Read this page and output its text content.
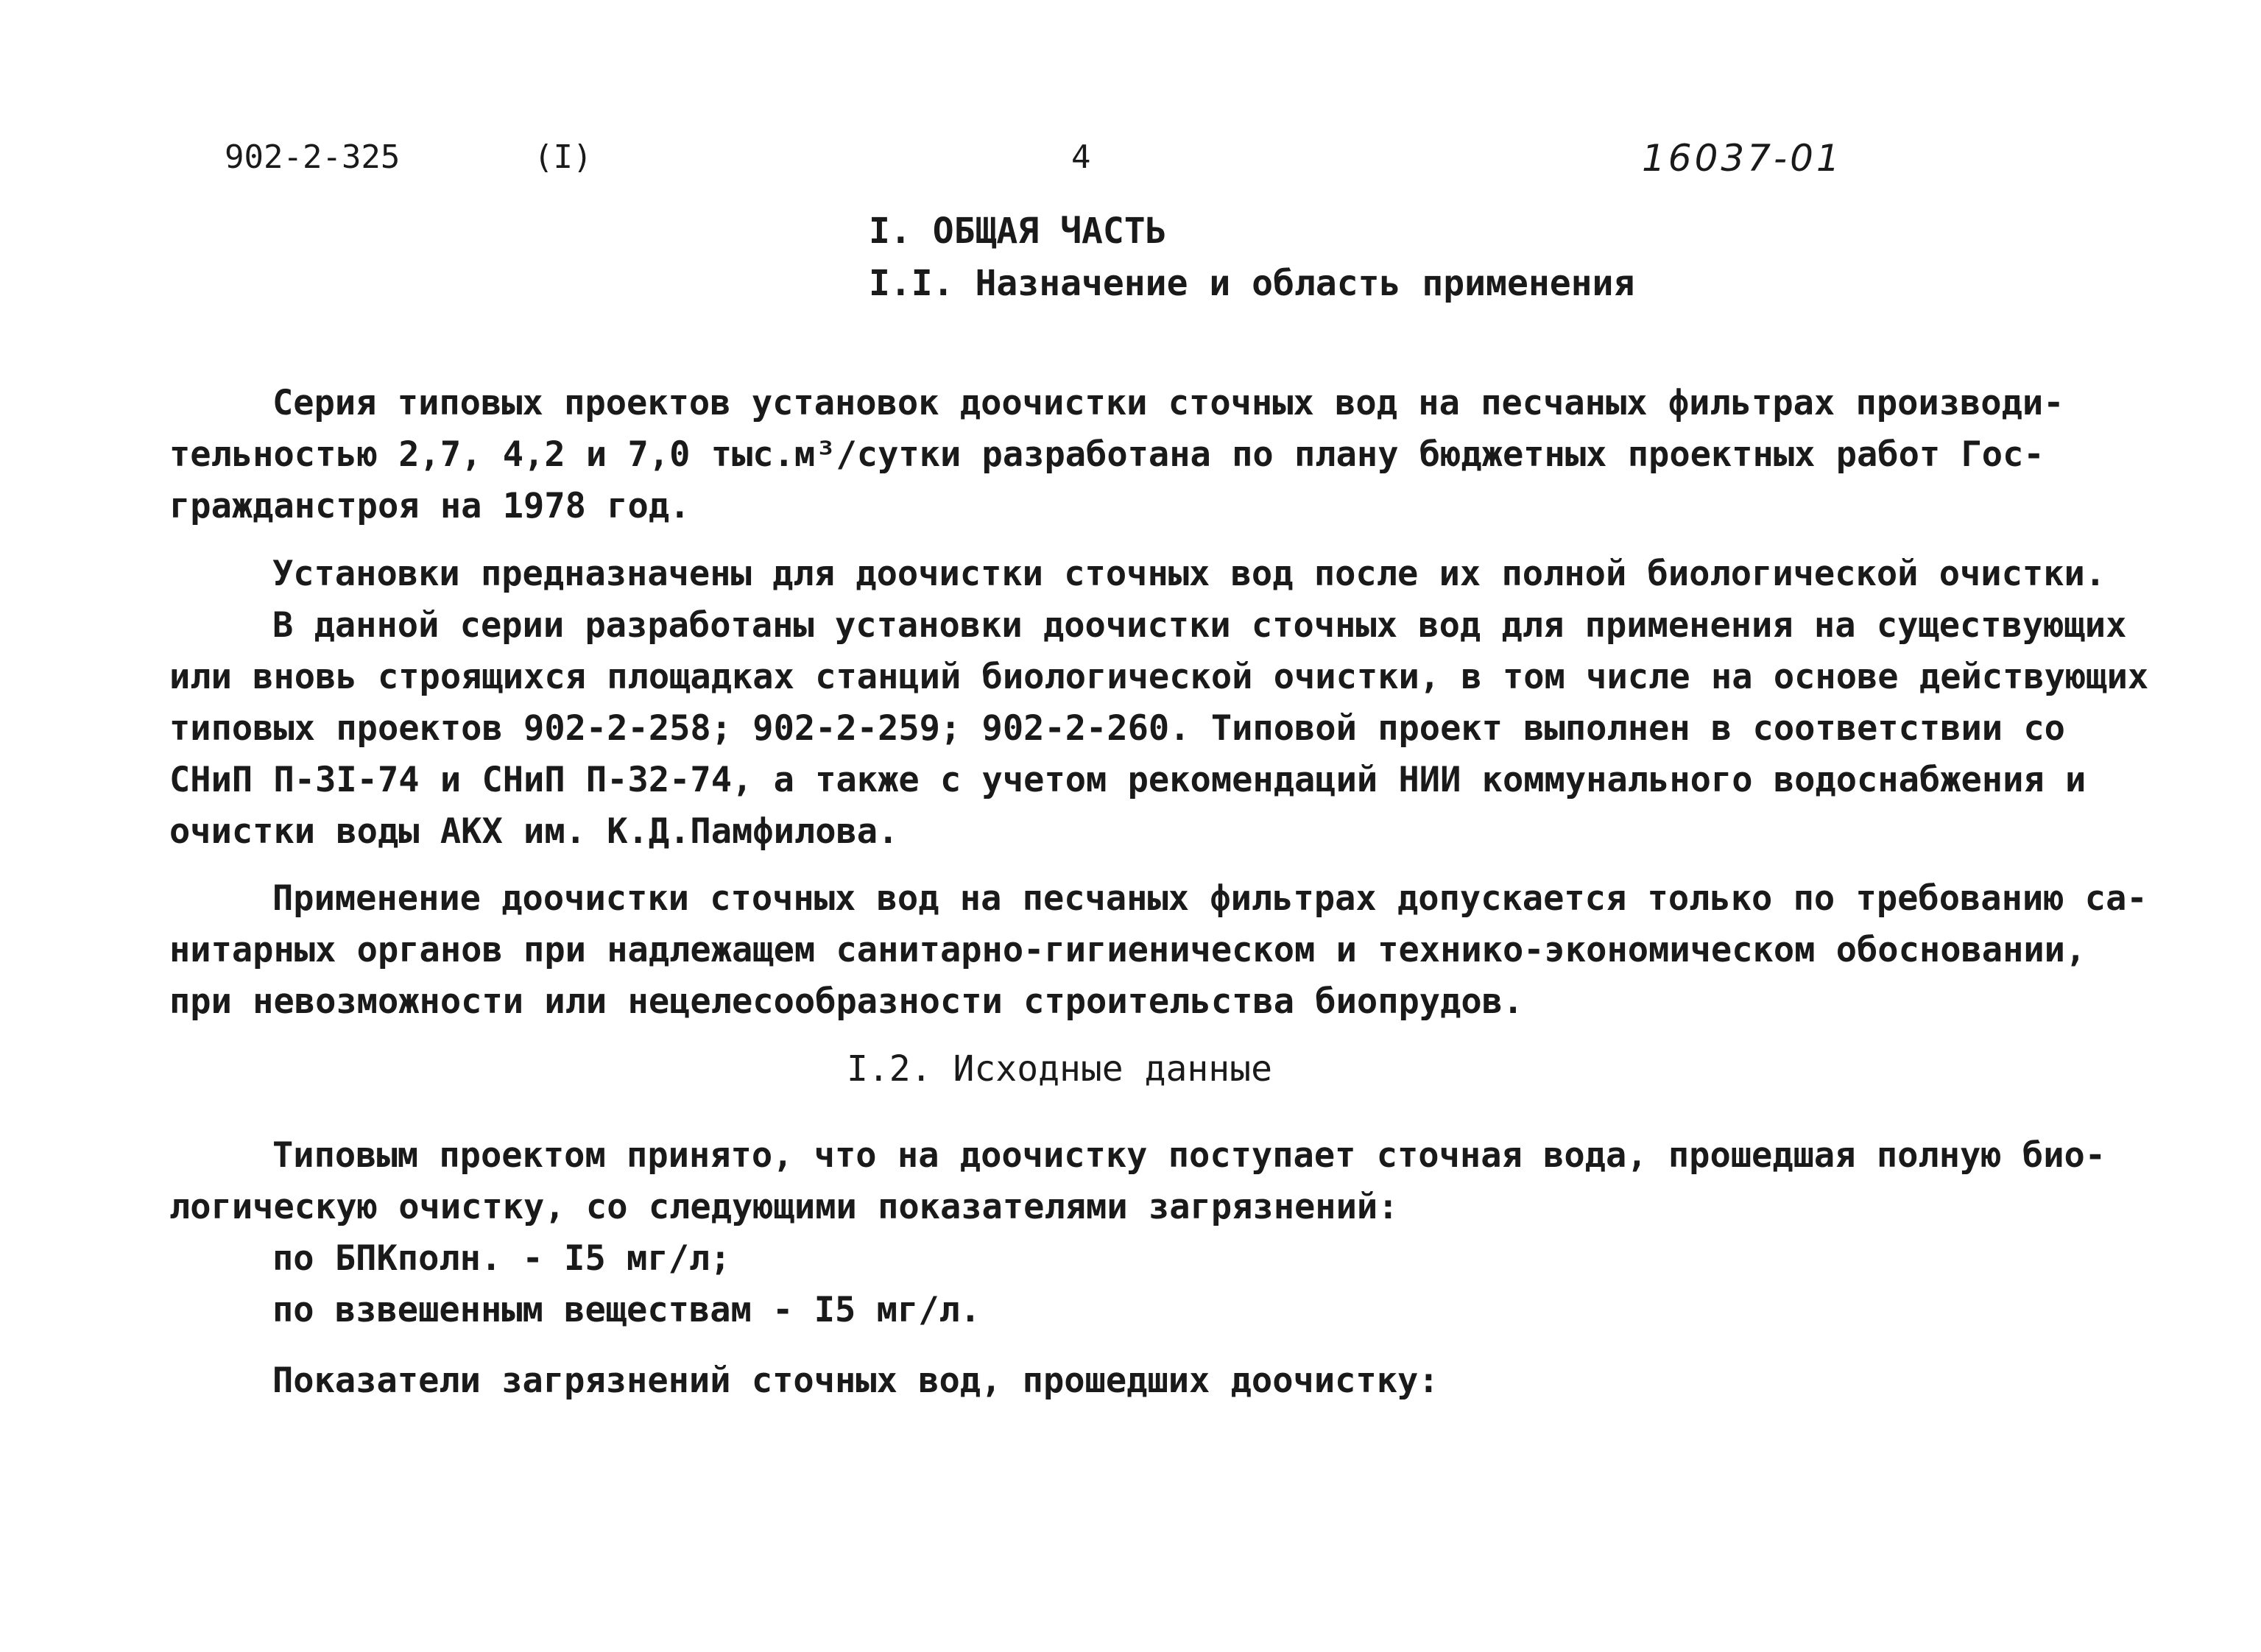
902-2-325	(I)	4	16037-01
I. ОБЩАЯ ЧАСТЬ
I.I. Назначение и область применения
Серия типовых проектов установок доочистки сточных вод на песчаных фильтрах производи-
тельностью 2,7, 4,2 и 7,0 тыс.м³/сутки разработана по плану бюджетных проектных работ Гос-
гражданстроя на 1978 год.
Установки предназначены для доочистки сточных вод после их полной биологической очистки.
В данной серии разработаны установки доочистки сточных вод для применения на существующих
или вновь строящихся площадках станций биологической очистки, в том числе на основе действующих
типовых проектов 902-2-258; 902-2-259; 902-2-260. Типовой проект выполнен в соответствии со
СНиП П-3I-74 и СНиП П-32-74, а также с учетом рекомендаций НИИ коммунального водоснабжения и
очистки воды АКХ им. К.Д.Памфилова.
Применение доочистки сточных вод на песчаных фильтрах допускается только по требованию са-
нитарных органов при надлежащем санитарно-гигиеническом и технико-экономическом обосновании,
при невозможности или нецелесообразности строительства биопрудов.
I.2. Исходные данные
Типовым проектом принято, что на доочистку поступает сточная вода, прошедшая полную био-
логическую очистку, со следующими показателями загрязнений:
по БПКполн. - I5 мг/л;
по взвешенным веществам - I5 мг/л.
Показатели загрязнений сточных вод, прошедших доочистку:
